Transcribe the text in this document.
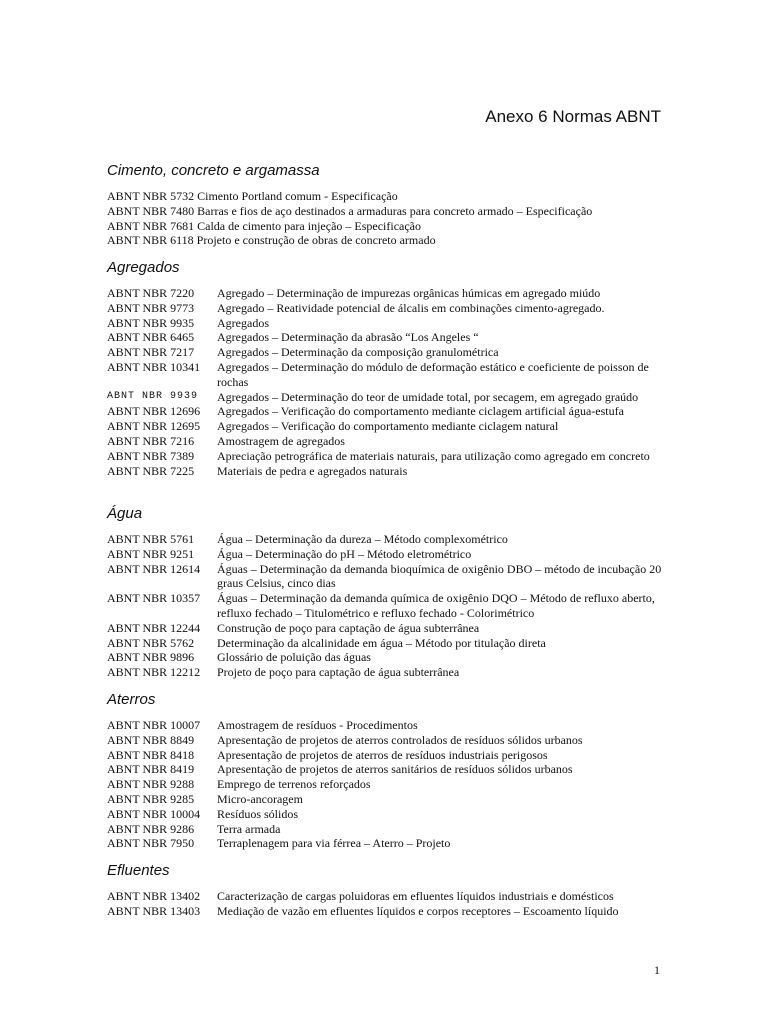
Anexo 6 Normas ABNT
Cimento, concreto e argamassa
ABNT NBR 5732 Cimento Portland comum - Especificação
ABNT NBR 7480 Barras e fios de aço destinados a armaduras para concreto armado – Especificação
ABNT NBR 7681 Calda de cimento para injeção – Especificação
ABNT NBR 6118 Projeto e construção de obras de concreto armado
Agregados
ABNT NBR 7220	Agregado – Determinação de impurezas orgânicas húmicas em agregado miúdo
ABNT NBR 9773	Agregado – Reatividade potencial de álcalis em combinações cimento-agregado.
ABNT NBR 9935	Agregados
ABNT NBR 6465	Agregados – Determinação da abrasão “Los Angeles “
ABNT NBR 7217	Agregados – Determinação da composição granulométrica
ABNT NBR 10341	Agregados – Determinação do módulo de deformação estático e coeficiente de poisson de rochas
ABNT NBR 9939	Agregados – Determinação do teor de umidade total, por secagem, em agregado graúdo
ABNT NBR 12696	Agregados – Verificação do comportamento mediante ciclagem artificial água-estufa
ABNT NBR 12695	Agregados – Verificação do comportamento mediante ciclagem natural
ABNT NBR 7216	Amostragem de agregados
ABNT NBR 7389	Apreciação petrográfica de materiais naturais, para utilização como agregado em concreto
ABNT NBR 7225	Materiais de pedra e agregados naturais
Água
ABNT NBR 5761	Água – Determinação da dureza – Método complexométrico
ABNT NBR 9251	Água – Determinação do pH – Método eletrométrico
ABNT NBR 12614	Águas – Determinação da demanda bioquímica de oxigênio DBO – método de incubação 20 graus Celsius, cinco dias
ABNT NBR 10357	Águas – Determinação da demanda química de oxigênio DQO – Método de refluxo aberto, refluxo fechado – Titulométrico e refluxo fechado - Colorimétrico
ABNT NBR 12244	Construção de poço para captação de água subterrânea
ABNT NBR 5762	Determinação da alcalinidade em água – Método por titulação direta
ABNT NBR 9896	Glossário de poluição das águas
ABNT NBR 12212	Projeto de poço para captação de água subterrânea
Aterros
ABNT NBR 10007	Amostragem de resíduos - Procedimentos
ABNT NBR 8849	Apresentação de projetos de aterros controlados de resíduos sólidos urbanos
ABNT NBR 8418	Apresentação de projetos de aterros de resíduos industriais perigosos
ABNT NBR 8419	Apresentação de projetos de aterros sanitários de resíduos sólidos urbanos
ABNT NBR 9288	Emprego de terrenos reforçados
ABNT NBR 9285	Micro-ancoragem
ABNT NBR 10004	Resíduos sólidos
ABNT NBR 9286	Terra armada
ABNT NBR 7950	Terraplenagem para via férrea – Aterro – Projeto
Efluentes
ABNT NBR 13402	Caracterização de cargas poluidoras em efluentes líquidos industriais e domésticos
ABNT NBR 13403	Mediação de vazão em efluentes líquidos e corpos receptores – Escoamento líquido
1
